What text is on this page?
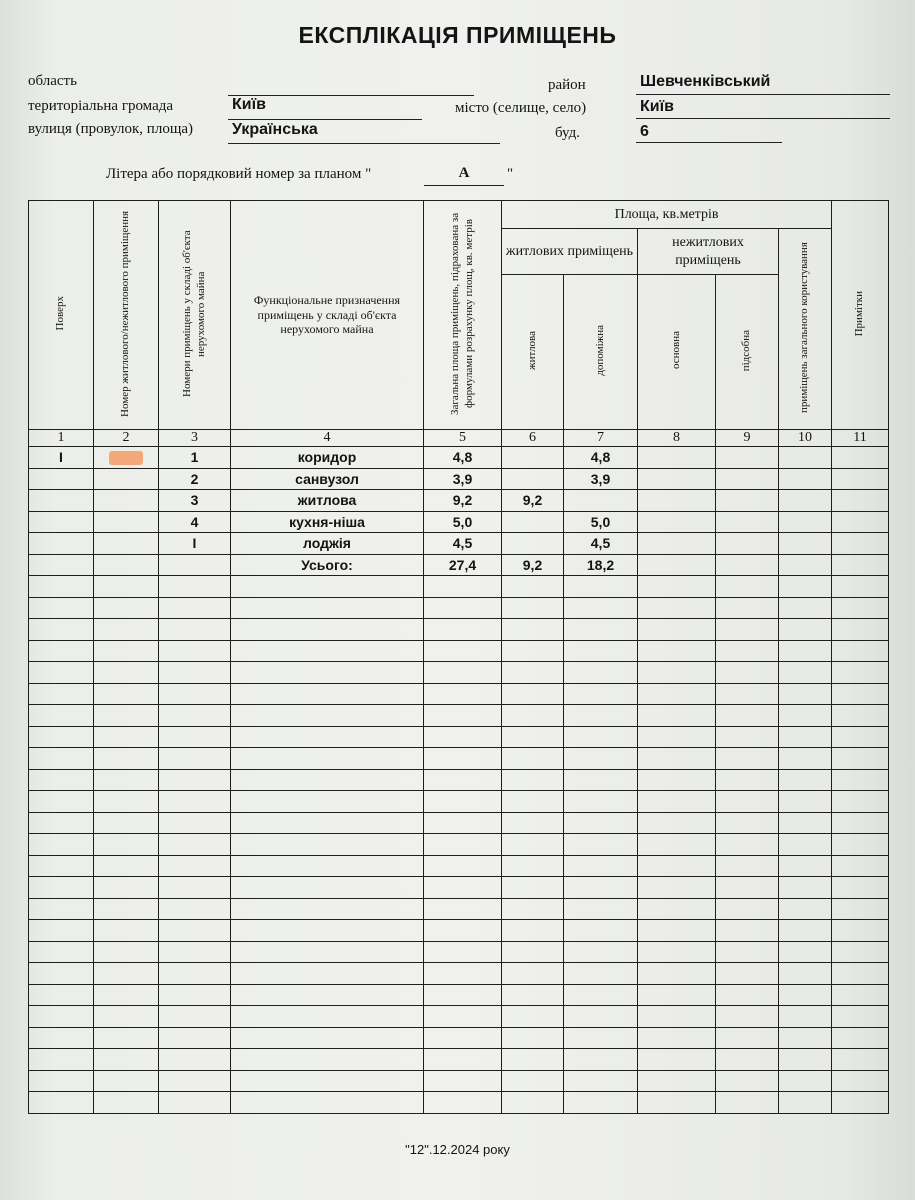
ЕКСПЛІКАЦІЯ ПРИМІЩЕНЬ
область	район	Шевченківський
територіальна громада	Київ	місто (селище, село)	Київ
вулиця (провулок, площа) Українська	буд.	6
Літера або порядковий номер за планом "	А	"
Поверх	Номер житлового/нежитлового приміщення	Номери приміщень у складі об'єкта нерухомого майна	Функціональне призначення приміщень у складі об'єкта нерухомого майна	Загальна площа приміщень, підрахована за формулами розрахунку площ, кв. метрів	Площа, кв.метрів					Примітки
					житлових приміщень		нежитлових приміщень		приміщень загального користування	
					житлова	допоміжна	основна	підсобна		
1	2	3	4	5	6	7	8	9	10	11
I		1	коридор	4,8		4,8				
		2	санвузол	3,9		3,9				
		3	житлова	9,2	9,2					
		4	кухня-ніша	5,0		5,0				
		I	лоджія	4,5		4,5				
			Усього:	27,4	9,2	18,2				

"12".12.2024 року
